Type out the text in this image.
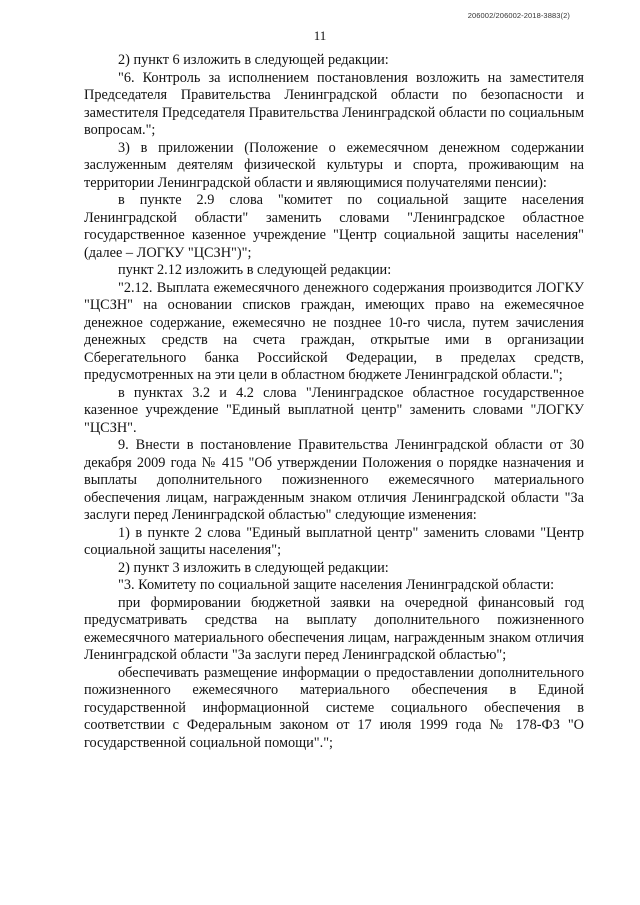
206002/206002-2018-3883(2)
11

2) пункт 6 изложить в следующей редакции:

"6. Контроль за исполнением постановления возложить на заместителя Председателя Правительства Ленинградской области по безопасности и заместителя Председателя Правительства Ленинградской области по социальным вопросам.";

3) в приложении (Положение о ежемесячном денежном содержании заслуженным деятелям физической культуры и спорта, проживающим на территории Ленинградской области и являющимися получателями пенсии):

в пункте 2.9 слова "комитет по социальной защите населения Ленинградской области" заменить словами "Ленинградское областное государственное казенное учреждение "Центр социальной защиты населения" (далее – ЛОГКУ "ЦСЗН")";

пункт 2.12 изложить в следующей редакции:

"2.12. Выплата ежемесячного денежного содержания производится ЛОГКУ "ЦСЗН" на основании списков граждан, имеющих право на ежемесячное денежное содержание, ежемесячно не позднее 10-го числа, путем зачисления денежных средств на счета граждан, открытые ими в организации Сберегательного банка Российской Федерации, в пределах средств, предусмотренных на эти цели в областном бюджете Ленинградской области.";

в пунктах 3.2 и 4.2 слова "Ленинградское областное государственное казенное учреждение "Единый выплатной центр" заменить словами "ЛОГКУ "ЦСЗН".

9. Внести в постановление Правительства Ленинградской области от 30 декабря 2009 года № 415 "Об утверждении Положения о порядке назначения и выплаты дополнительного пожизненного ежемесячного материального обеспечения лицам, награжденным знаком отличия Ленинградской области "За заслуги перед Ленинградской областью" следующие изменения:

1) в пункте 2 слова "Единый выплатной центр" заменить словами "Центр социальной защиты населения";

2) пункт 3 изложить в следующей редакции:

"3. Комитету по социальной защите населения Ленинградской области:

при формировании бюджетной заявки на очередной финансовый год предусматривать средства на выплату дополнительного пожизненного ежемесячного материального обеспечения лицам, награжденным знаком отличия Ленинградской области "За заслуги перед Ленинградской областью";

обеспечивать размещение информации о предоставлении дополнительного пожизненного ежемесячного материального обеспечения в Единой государственной информационной системе социального обеспечения в соответствии с Федеральным законом от 17 июля 1999 года № 178-ФЗ "О государственной социальной помощи".";
